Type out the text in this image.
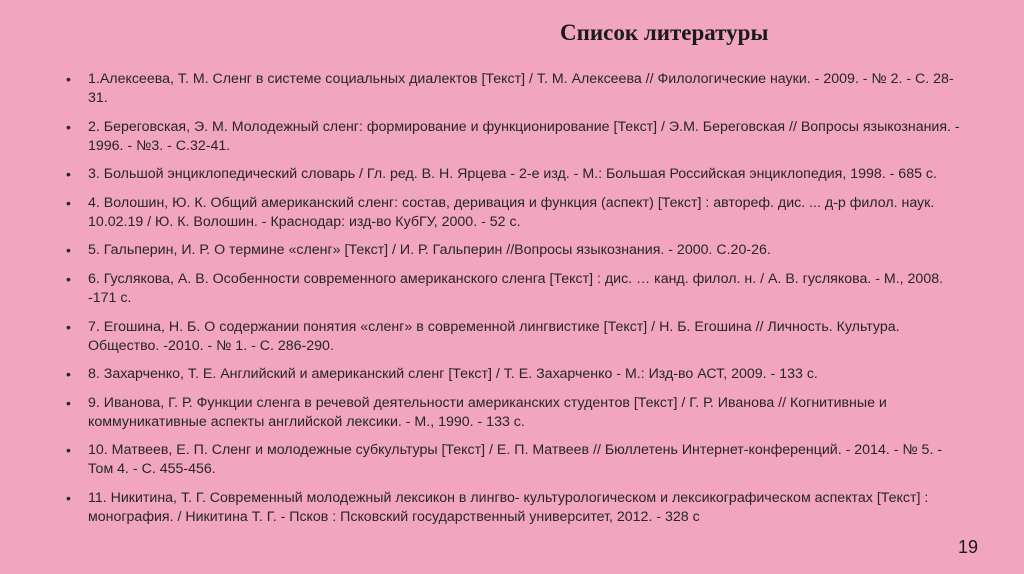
Список литературы
• 1.Алексеева, Т. М. Сленг в системе социальных диалектов [Текст] / Т. М. Алексеева // Филологические науки. - 2009. - № 2. - С. 28-31.
• 2. Береговская, Э. М. Молодежный сленг: формирование и функционирование [Текст] / Э.М. Береговская // Вопросы языкознания. - 1996. - №3. - С.32-41.
• 3. Большой энциклопедический словарь / Гл. ред. В. Н. Ярцева - 2-е изд. - М.: Большая Российская энциклопедия, 1998. - 685 с.
• 4. Волошин, Ю. К. Общий американский сленг: состав, деривация и функция (аспект) [Текст] : автореф. дис. ... д-р филол. наук. 10.02.19 / Ю. К. Волошин. - Краснодар: изд-во КубГУ, 2000. - 52 с.
• 5. Гальперин, И. Р. О термине «сленг» [Текст] / И. Р. Гальперин //Вопросы языкознания. - 2000. С.20-26.
• 6. Гуслякова, А. В. Особенности современного американского сленга [Текст] : дис. … канд. филол. н. / А. В. гуслякова. - М., 2008. -171 с.
• 7. Егошина, Н. Б. О содержании понятия «сленг» в современной лингвистике [Текст] / Н. Б. Егошина // Личность. Культура. Общество. -2010. - № 1. - С. 286-290.
• 8. Захарченко, Т. Е. Английский и американский сленг [Текст] / Т. Е. Захарченко - М.: Изд-во АСТ, 2009. - 133 с.
• 9. Иванова, Г. Р. Функции сленга в речевой деятельности американских студентов [Текст] / Г. Р. Иванова // Когнитивные и коммуникативные аспекты английской лексики. - М., 1990. - 133 с.
• 10. Матвеев, Е. П. Сленг и молодежные субкультуры [Текст] / Е. П. Матвеев // Бюллетень Интернет-конференций. - 2014. - № 5. - Том 4. - С. 455-456.
• 11. Никитина, Т. Г. Современный молодежный лексикон в лингво- культурологическом и лексикографическом аспектах [Текст] : монография. / Никитина Т. Г. - Псков : Псковский государственный университет, 2012. - 328 с
19
